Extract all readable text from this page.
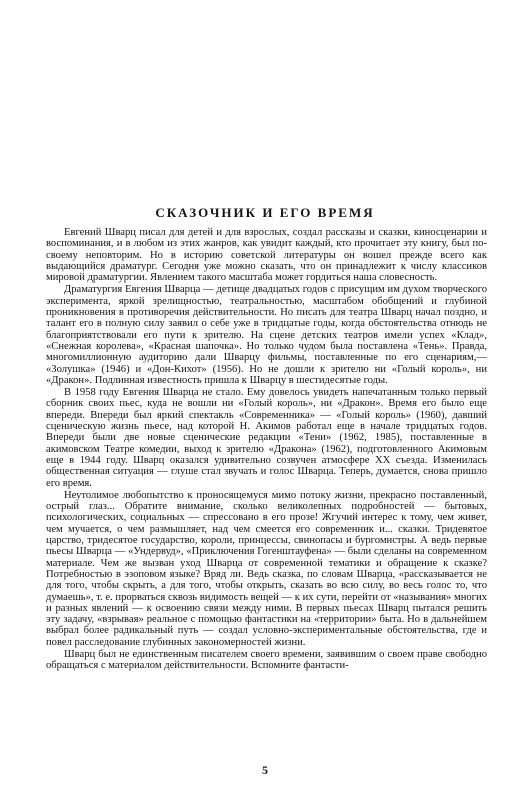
СКАЗОЧНИК И ЕГО ВРЕМЯ

Евгений Шварц писал для детей и для взрослых, создал рассказы и сказки, киносценарии и воспоминания, и в любом из этих жанров, как увидит каждый, кто прочитает эту книгу, был по-своему неповторим. Но в историю советской литературы он вошел прежде всего как выдающийся драматург. Сегодня уже можно сказать, что он принадлежит к числу классиков мировой драматургии. Явлением такого масштаба может гордиться наша словесность.

Драматургия Евгения Шварца — детище двадцатых годов с присущим им духом творческого эксперимента, яркой зрелищностью, театральностью, масштабом обобщений и глубиной проникновения в противоречия действительности. Но писать для театра Шварц начал поздно, и талант его в полную силу заявил о себе уже в тридцатые годы, когда обстоятельства отнюдь не благоприятствовали его пути к зрителю. На сцене детских театров имели успех «Клад», «Снежная королева», «Красная шапочка». Но только чудом была поставлена «Тень». Правда, многомиллионную аудиторию дали Шварцу фильмы, поставленные по его сценариям,— «Золушка» (1946) и «Дон-Кихот» (1956). Но не дошли к зрителю ни «Голый король», ни «Дракон». Подлинная известность пришла к Шварцу в шестидесятые годы.

В 1958 году Евгения Шварца не стало. Ему довелось увидеть напечатанным только первый сборник своих пьес, куда не вошли ни «Голый король», ни «Дракон». Время его было еще впереди. Впереди был яркий спектакль «Современника» — «Голый король» (1960), давший сценическую жизнь пьесе, над которой Н. Акимов работал еще в начале тридцатых годов. Впереди были две новые сценические редакции «Тени» (1962, 1985), поставленные в акимовском Театре комедии, выход к зрителю «Дракона» (1962), подготовленного Акимовым еще в 1944 году. Шварц оказался удивительно созвучен атмосфере XX съезда. Изменилась общественная ситуация — глуше стал звучать и голос Шварца. Теперь, думается, снова пришло его время.

Неутолимое любопытство к проносящемуся мимо потоку жизни, прекрасно поставленный, острый глаз... Обратите внимание, сколько великолепных подробностей — бытовых, психологических, социальных — спрессовано в его прозе! Жгучий интерес к тому, чем живет, чем мучается, о чем размышляет, над чем смеется его современник и... сказки. Тридевятое царство, тридесятое государство, короли, принцессы, свинопасы и бургомистры. А ведь первые пьесы Шварца — «Ундервуд», «Приключения Гогенштауфена» — были сделаны на современном материале. Чем же вызван уход Шварца от современной тематики и обращение к сказке? Потребностью в эзоповом языке? Вряд ли. Ведь сказка, по словам Шварца, «рассказывается не для того, чтобы скрыть, а для того, чтобы открыть, сказать во всю силу, во весь голос то, что думаешь», т. е. прорваться сквозь видимость вещей — к их сути, перейти от «называния» многих и разных явлений — к освоению связи между ними. В первых пьесах Шварц пытался решить эту задачу, «взрывая» реальное с помощью фантастики на «территории» быта. Но в дальнейшем выбрал более радикальный путь — создал условно-экспериментальные обстоятельства, где и повел расследование глубинных закономерностей жизни.

Шварц был не единственным писателем своего времени, заявившим о своем праве свободно обращаться с материалом действительности. Вспомните фантасти-

5
